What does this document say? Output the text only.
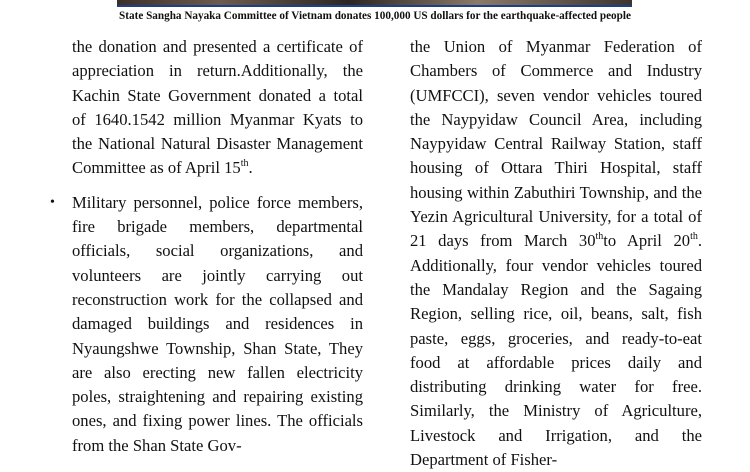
State Sangha Nayaka Committee of Vietnam donates 100,000 US dollars for the earthquake-affected people

the donation and presented a certificate of appreciation in return.Additionally, the Kachin State Government donated a total of 1640.1542 million Myanmar Kyats to the National Natural Disaster Management Committee as of April 15th.

• Military personnel, police force members, fire brigade members, departmental officials, social organizations, and volunteers are jointly carrying out reconstruction work for the collapsed and damaged buildings and residences in Nyaungshwe Township, Shan State, They are also erecting new fallen electricity poles, straightening and repairing existing ones, and fixing power lines. The officials from the Shan State Gov-

the Union of Myanmar Federation of Chambers of Commerce and Industry (UMFCCI), seven vendor vehicles toured the Naypyidaw Council Area, including Naypyidaw Central Railway Station, staff housing of Ottara Thiri Hospital, staff housing within Zabuthiri Township, and the Yezin Agricultural University, for a total of 21 days from March 30thto April 20th. Additionally, four vendor vehicles toured the Mandalay Region and the Sagaing Region, selling rice, oil, beans, salt, fish paste, eggs, groceries, and ready-to-eat food at affordable prices daily and distributing drinking water for free. Similarly, the Ministry of Agriculture, Livestock and Irrigation, and the Department of Fisher-
